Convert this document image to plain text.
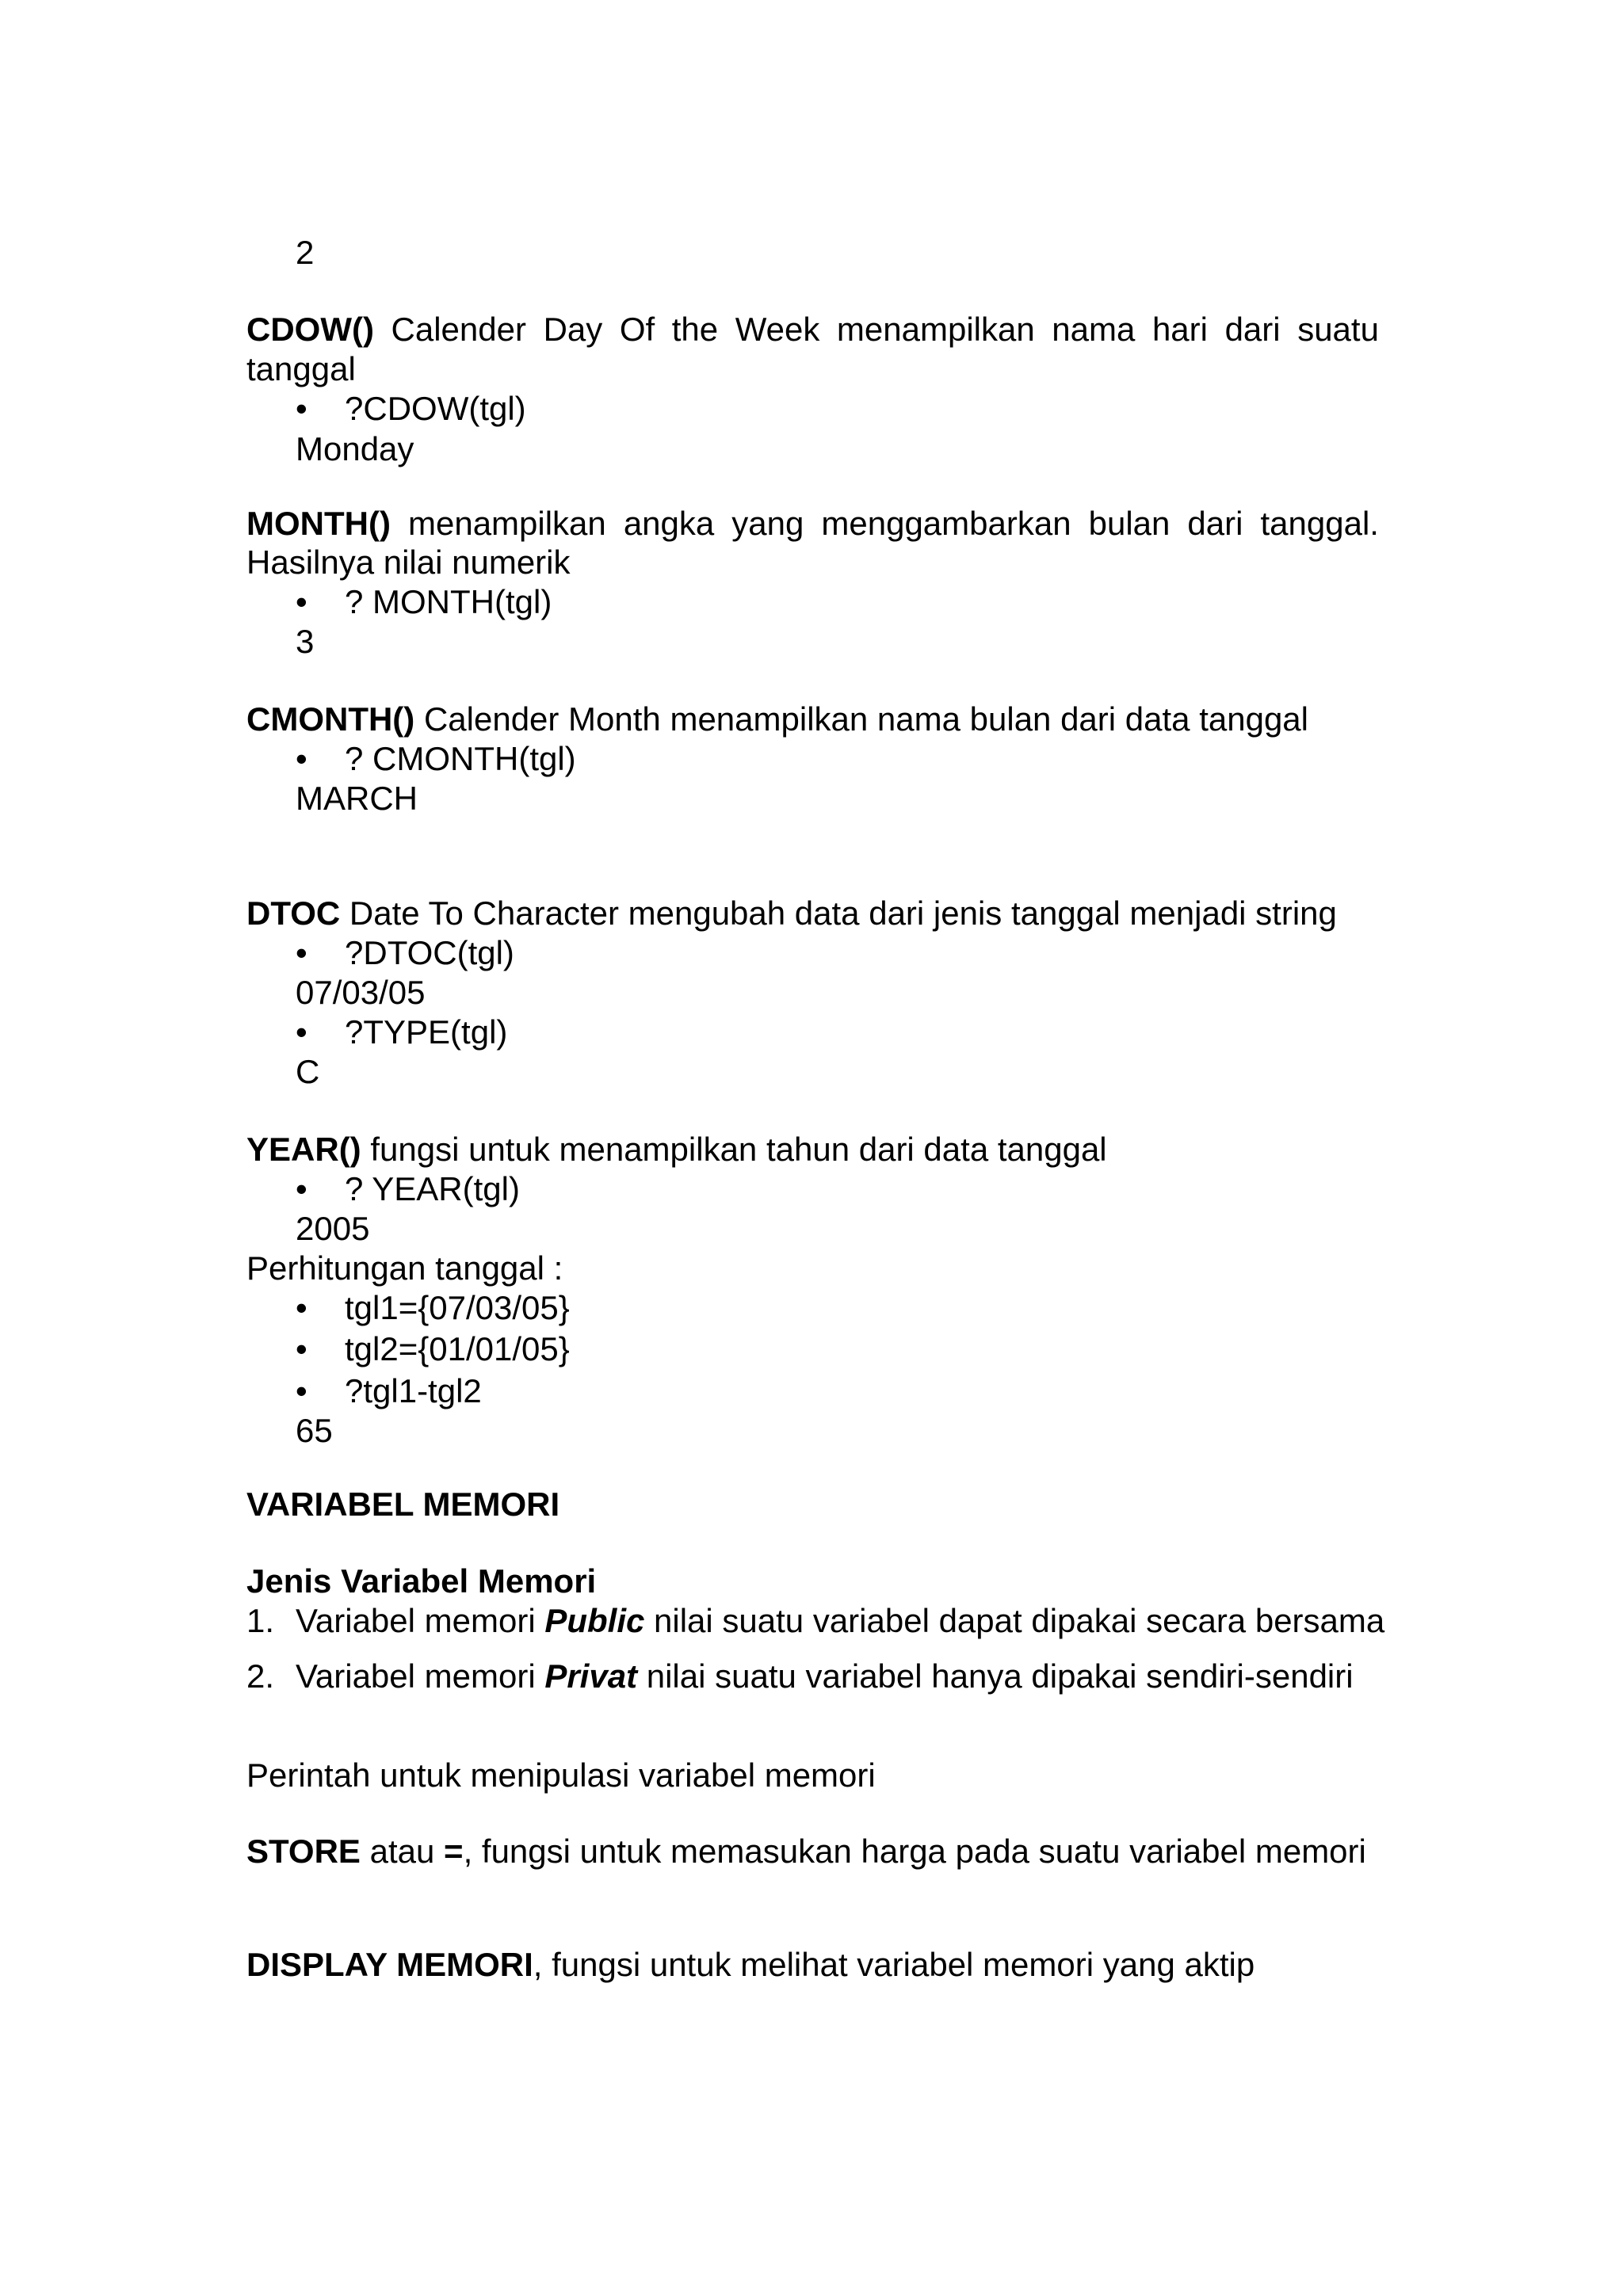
2
CDOW() Calender Day Of the Week menampilkan nama hari dari suatu
tanggal
• ?CDOW(tgl)
Monday
MONTH() menampilkan angka yang menggambarkan bulan dari tanggal.
Hasilnya nilai numerik
• ? MONTH(tgl)
3
CMONTH() Calender Month menampilkan nama bulan dari data tanggal
• ? CMONTH(tgl)
MARCH
DTOC Date To Character mengubah data dari jenis tanggal menjadi string
• ?DTOC(tgl)
07/03/05
• ?TYPE(tgl)
C
YEAR() fungsi untuk menampilkan tahun dari data tanggal
• ? YEAR(tgl)
2005
Perhitungan tanggal :
• tgl1={07/03/05}
• tgl2={01/01/05}
• ?tgl1-tgl2
65
VARIABEL MEMORI
Jenis Variabel Memori
1. Variabel memori Public nilai suatu variabel dapat dipakai secara bersama
2. Variabel memori Privat nilai suatu variabel hanya dipakai sendiri-sendiri
Perintah untuk menipulasi variabel memori
STORE atau =, fungsi untuk memasukan harga pada suatu variabel memori
DISPLAY MEMORI, fungsi untuk melihat variabel memori yang aktip
